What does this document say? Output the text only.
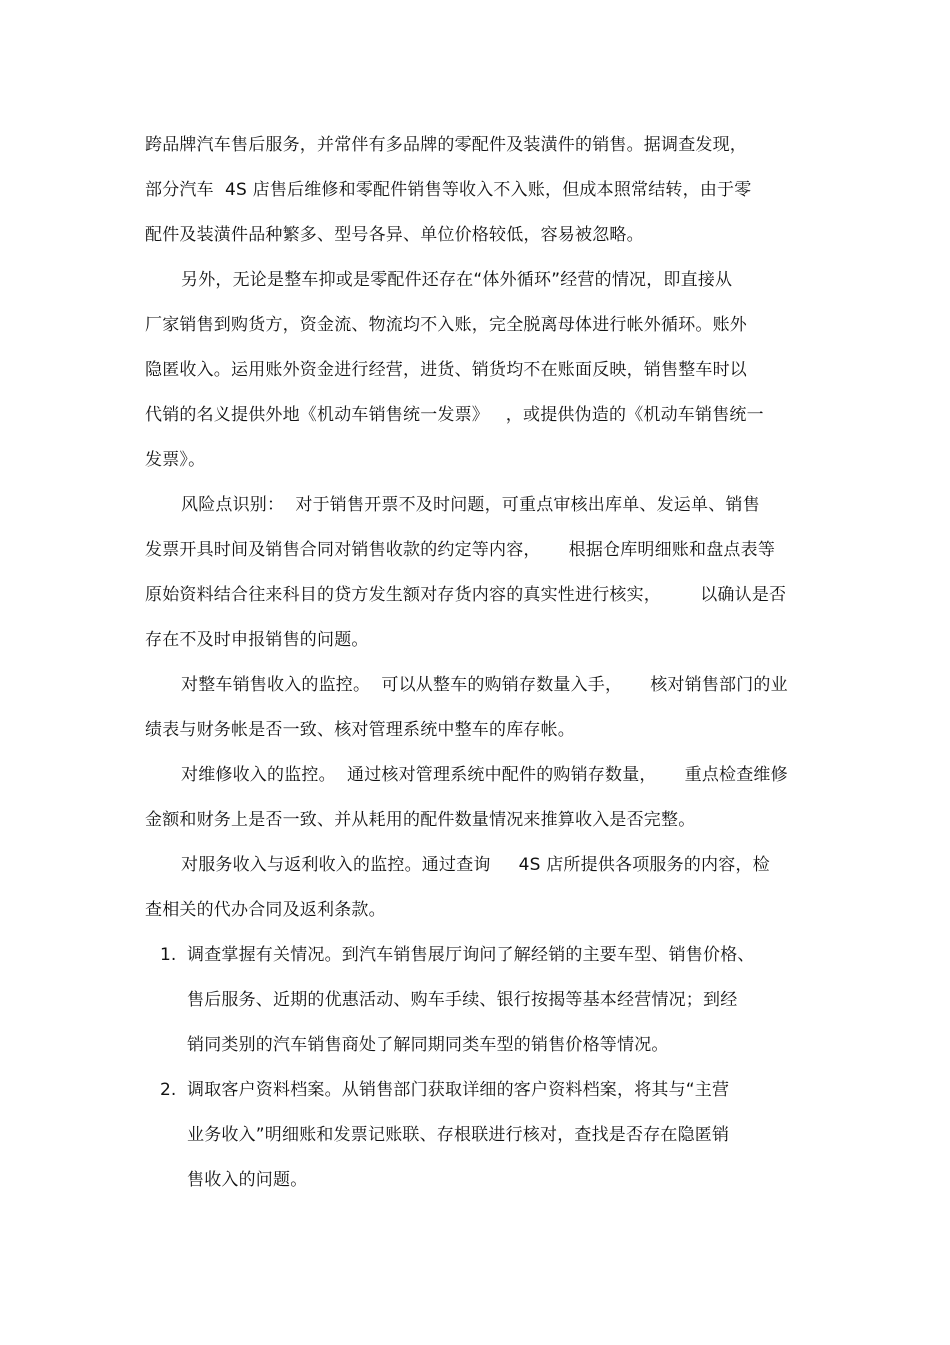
跨品牌汽车售后服务，并常伴有多品牌的零配件及装潢件的销售。据调查发现，
部分汽车  4S 店售后维修和零配件销售等收入不入账，但成本照常结转，由于零
配件及装潢件品种繁多、型号各异、单位价格较低，容易被忽略。
另外，无论是整车抑或是零配件还存在“体外循环”经营的情况，即直接从
厂家销售到购货方，资金流、物流均不入账，完全脱离母体进行帐外循环。账外
隐匿收入。运用账外资金进行经营，进货、销货均不在账面反映，销售整车时以
代销的名义提供外地《机动车销售统一发票》   ，或提供伪造的《机动车销售统一
发票》。
风险点识别：  对于销售开票不及时问题，可重点审核出库单、发运单、销售
发票开具时间及销售合同对销售收款的约定等内容，     根据仓库明细账和盘点表等
原始资料结合往来科目的贷方发生额对存货内容的真实性进行核实，       以确认是否
存在不及时申报销售的问题。
对整车销售收入的监控。  可以从整车的购销存数量入手，     核对销售部门的业
绩表与财务帐是否一致、核对管理系统中整车的库存帐。
对维修收入的监控。  通过核对管理系统中配件的购销存数量，     重点检查维修
金额和财务上是否一致、并从耗用的配件数量情况来推算收入是否完整。
对服务收入与返利收入的监控。通过查询     4S 店所提供各项服务的内容，检
查相关的代办合同及返利条款。
1. 调查掌握有关情况。到汽车销售展厅询问了解经销的主要车型、销售价格、
售后服务、近期的优惠活动、购车手续、银行按揭等基本经营情况；到经
销同类别的汽车销售商处了解同期同类车型的销售价格等情况。
2. 调取客户资料档案。从销售部门获取详细的客户资料档案，将其与“主营
业务收入”明细账和发票记账联、存根联进行核对，查找是否存在隐匿销
售收入的问题。
